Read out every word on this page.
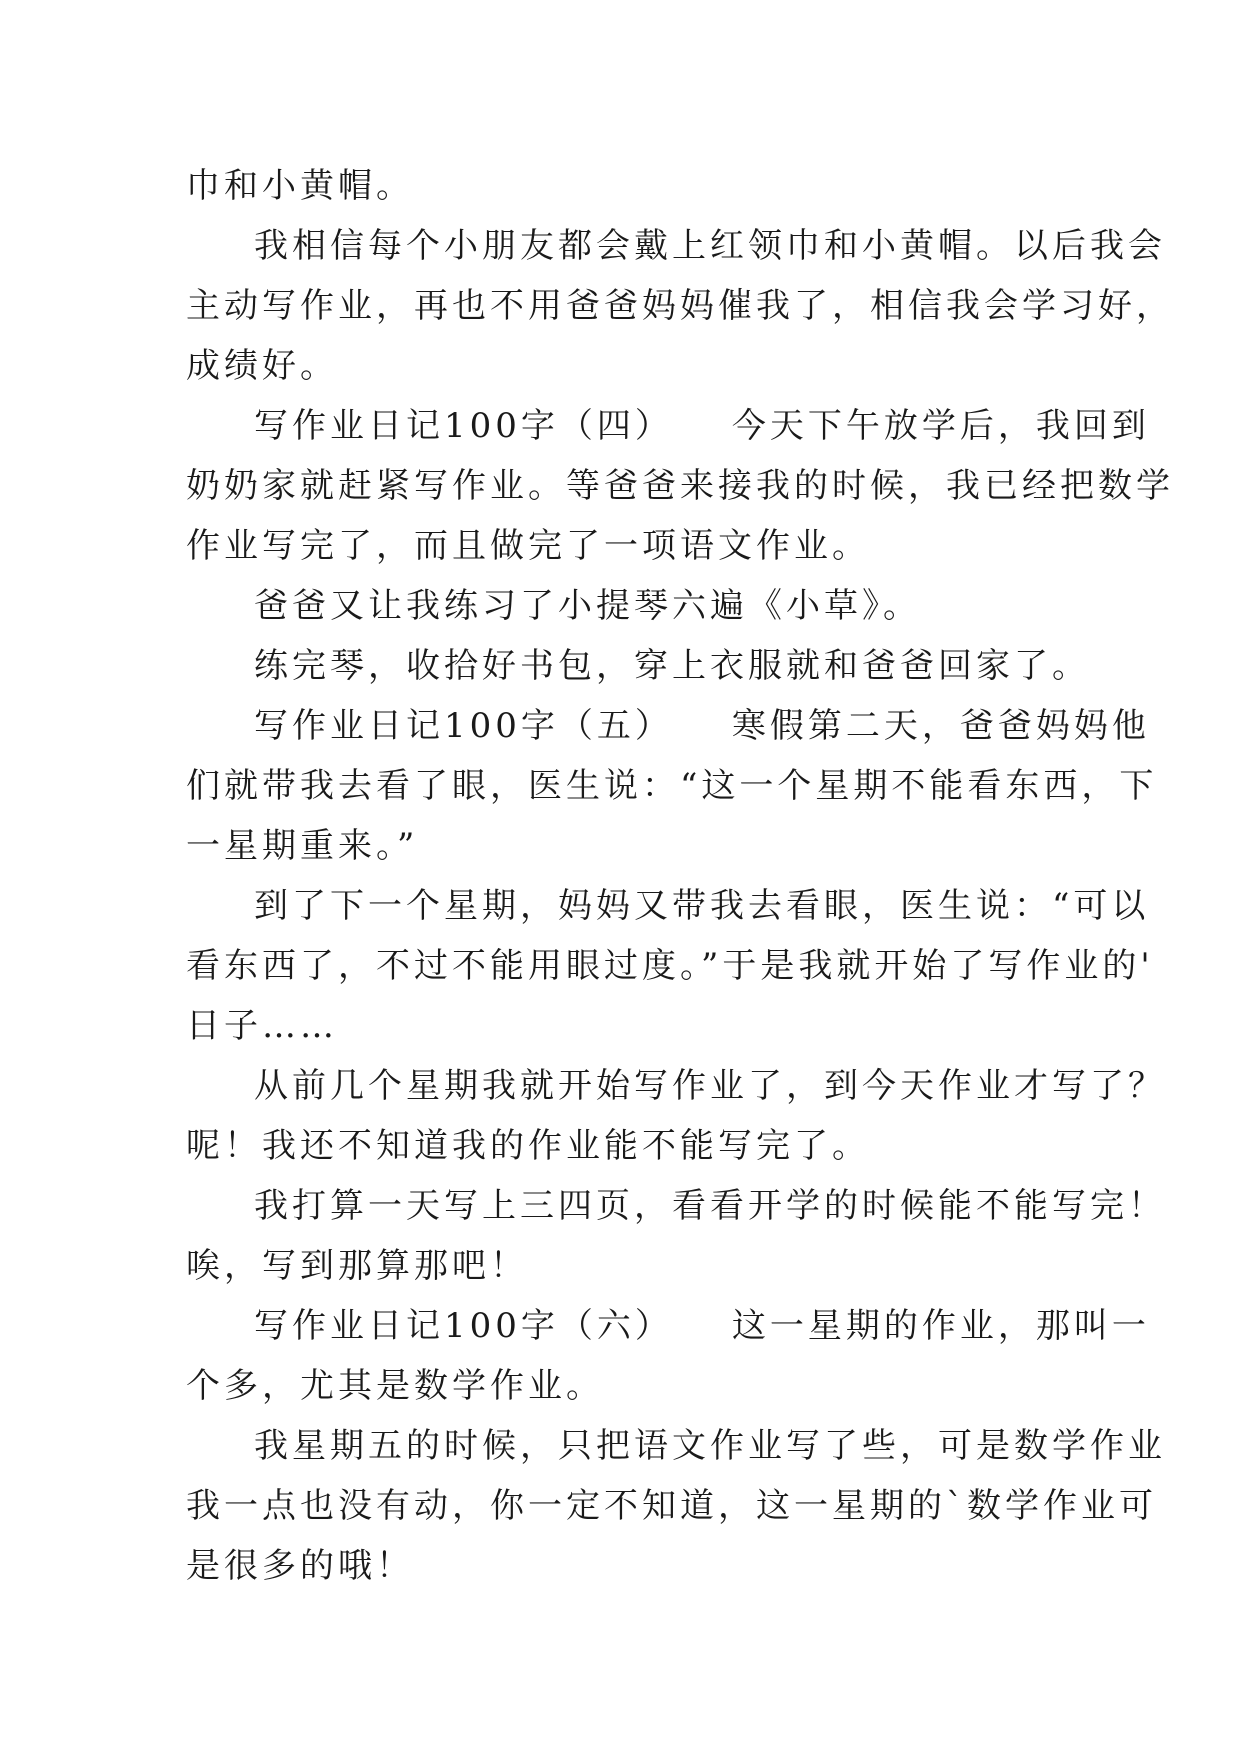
巾和小黄帽。

我相信每个小朋友都会戴上红领巾和小黄帽。以后我会
主动写作业，再也不用爸爸妈妈催我了，相信我会学习好，
成绩好。

写作业日记100字（四）　　今天下午放学后，我回到
奶奶家就赶紧写作业。等爸爸来接我的时候，我已经把数学
作业写完了，而且做完了一项语文作业。

爸爸又让我练习了小提琴六遍《小草》。

练完琴，收拾好书包，穿上衣服就和爸爸回家了。

写作业日记100字（五）　　寒假第二天，爸爸妈妈他
们就带我去看了眼，医生说：“这一个星期不能看东西，下
一星期重来。”

到了下一个星期，妈妈又带我去看眼，医生说：“可以
看东西了，不过不能用眼过度。”于是我就开始了写作业的'
日子……

从前几个星期我就开始写作业了，到今天作业才写了？
呢！我还不知道我的作业能不能写完了。

我打算一天写上三四页，看看开学的时候能不能写完！
唉，写到那算那吧！

写作业日记100字（六）　　这一星期的作业，那叫一
个多，尤其是数学作业。

我星期五的时候，只把语文作业写了些，可是数学作业
我一点也没有动，你一定不知道，这一星期的`数学作业可
是很多的哦！
